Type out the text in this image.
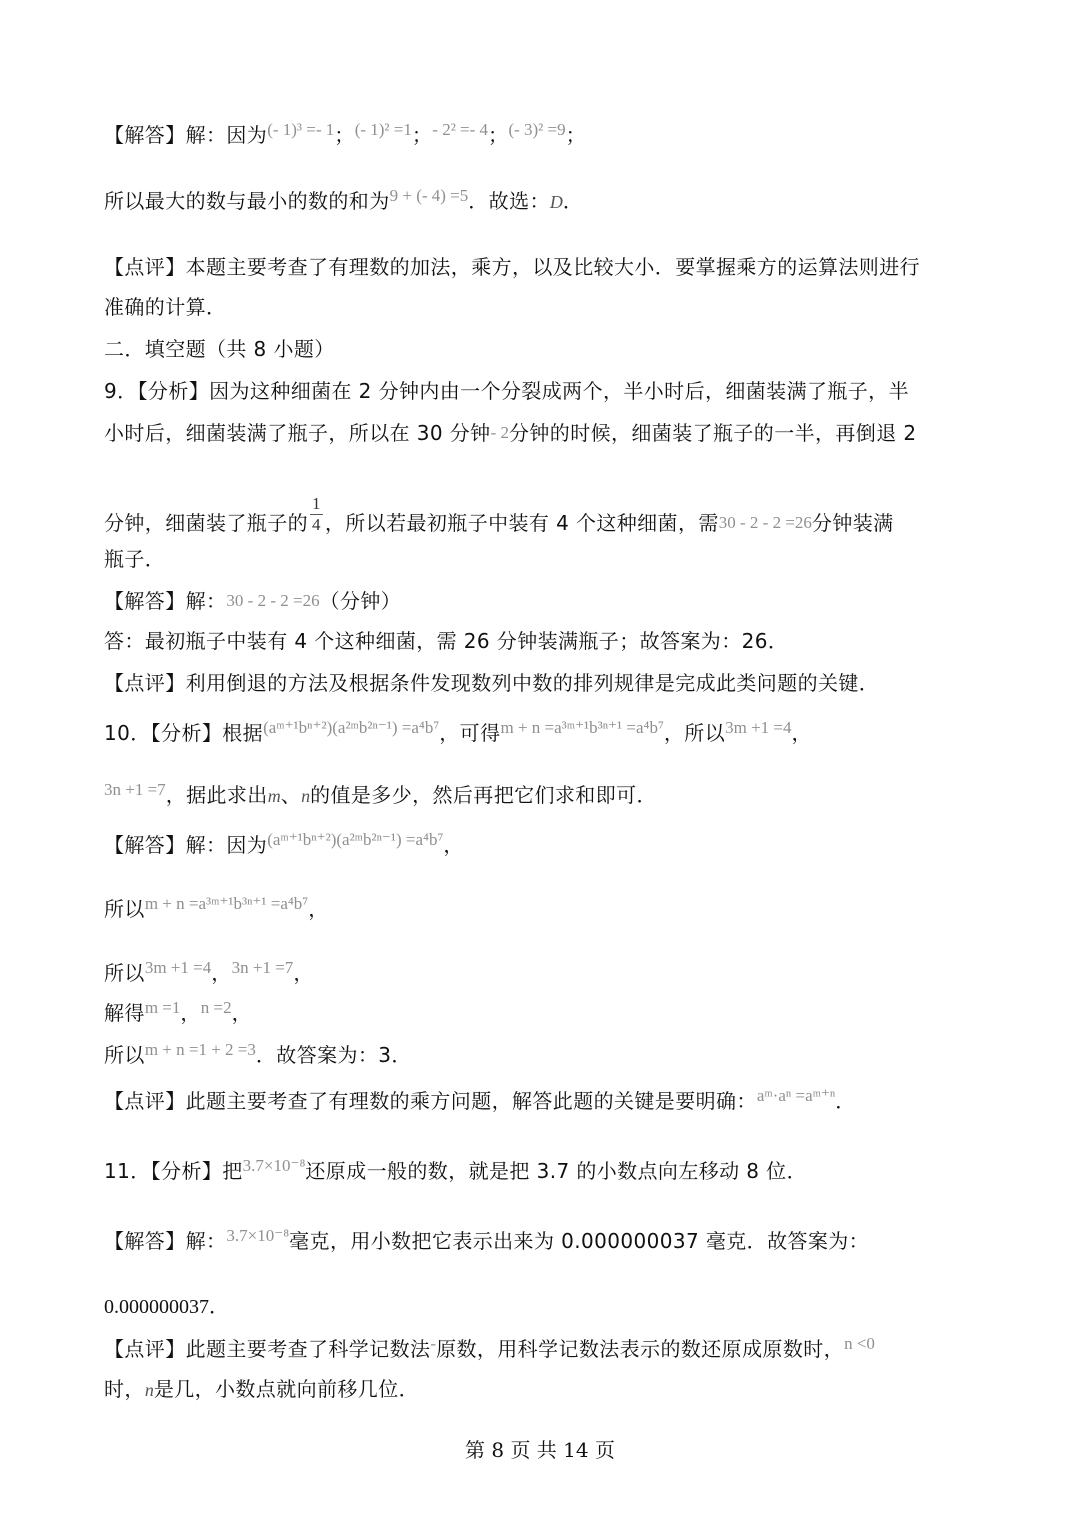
【解答】解：因为$^{(- 1)^3 =- 1}$；$^{(- 1)^2 =1}$；$^{- 2^2 =- 4}$；$^{(- 3)^2 =9}$；
所以最大的数与最小的数的和为$^{9 + (- 4) =5}$．故选：D．
【点评】本题主要考查了有理数的加法，乘方，以及比较大小．要掌握乘方的运算法则进行
准确的计算．
二．填空题（共 8 小题）
9．【分析】因为这种细菌在 2 分钟内由一个分裂成两个，半小时后，细菌装满了瓶子，半
小时后，细菌装满了瓶子，所以在 30 分钟- 2分钟的时候，细菌装了瓶子的一半，再倒退 2
分钟，细菌装了瓶子的 $\frac{1}{4}$ ，所以若最初瓶子中装有 4 个这种细菌，需30 - 2 - 2 =26分钟装满
瓶子．
【解答】解：30 - 2 - 2 =26（分钟）
答：最初瓶子中装有 4 个这种细菌，需 26 分钟装满瓶子；故答案为：26．
【点评】利用倒退的方法及根据条件发现数列中数的排列规律是完成此类问题的关键．
10．【分析】根据$^{(aᵐ^{+1}b^{n+2})(a^2ᵐb^{2n-1}) =a^4b^7}$，可得$^{m + n =a^3ᵐ^{+1}b^{3n+1} =a^4b^7}$，所以$^{3m +1 =4}$，
$^{3n +1 =7}$，据此求出m、n的值是多少，然后再把它们求和即可．
【解答】解：因为$^{(aᵐ^{+1}b^{n+2})(a^2ᵐb^{2n-1}) =a^4b^7}$，
所以$^{m + n =a^3ᵐ^{+1}b^{3n+1} =a^4b^7}$，
所以$^{3m +1 =4}$，$^{3n +1 =7}$，
解得$^{m =1}$，$^{n =2}$，
所以$^{m + n =1 + 2 =3}$．故答案为：3．
【点评】此题主要考查了有理数的乘方问题，解答此题的关键是要明确：$^{aᵐ\cdot a^n =aᵐ^{+n}}$．
11．【分析】把$^{3.7\times 10^{-8}}$还原成一般的数，就是把 3.7 的小数点向左移动 8 位．
【解答】解：$^{3.7\times 10^{-8}}$毫克，用小数把它表示出来为 0.000000037 毫克．故答案为：
0.000000037．
【点评】此题主要考查了科学记数法-原数，用科学记数法表示的数还原成原数时，$^{n <0}$
时，n是几，小数点就向前移几位．
第 8 页 共 14 页
